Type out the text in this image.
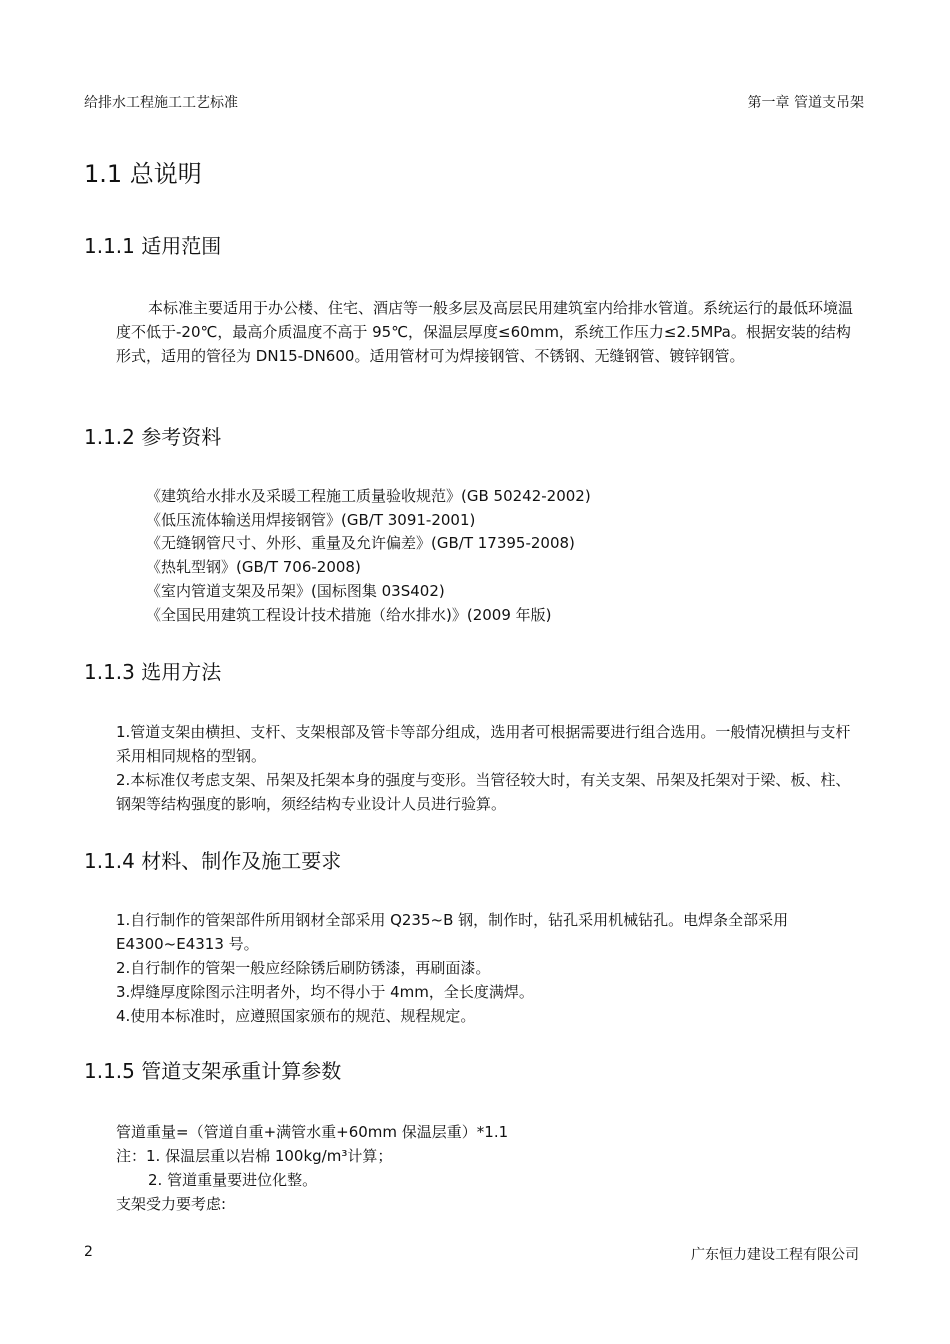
给排水工程施工工艺标准	第一章 管道支吊架
1.1 总说明
1.1.1 适用范围
本标准主要适用于办公楼、住宅、酒店等一般多层及高层民用建筑室内给排水管道。系统运行的最低环境温度不低于-20℃，最高介质温度不高于 95℃，保温层厚度≤60mm，系统工作压力≤2.5MPa。根据安装的结构形式，适用的管径为 DN15-DN600。适用管材可为焊接钢管、不锈钢、无缝钢管、镀锌钢管。
1.1.2 参考资料
《建筑给水排水及采暖工程施工质量验收规范》(GB 50242-2002)
《低压流体输送用焊接钢管》(GB/T 3091-2001)
《无缝钢管尺寸、外形、重量及允许偏差》(GB/T 17395-2008)
《热轧型钢》(GB/T 706-2008)
《室内管道支架及吊架》(国标图集 03S402)
《全国民用建筑工程设计技术措施（给水排水)》(2009 年版)
1.1.3 选用方法
1.管道支架由横担、支杆、支架根部及管卡等部分组成，选用者可根据需要进行组合选用。一般情况横担与支杆采用相同规格的型钢。
2.本标准仅考虑支架、吊架及托架本身的强度与变形。当管径较大时，有关支架、吊架及托架对于梁、板、柱、钢架等结构强度的影响，须经结构专业设计人员进行验算。
1.1.4 材料、制作及施工要求
1.自行制作的管架部件所用钢材全部采用 Q235~B 钢，制作时，钻孔采用机械钻孔。电焊条全部采用 E4300~E4313 号。
2.自行制作的管架一般应经除锈后刷防锈漆，再刷面漆。
3.焊缝厚度除图示注明者外，均不得小于 4mm，全长度满焊。
4.使用本标准时，应遵照国家颁布的规范、规程规定。
1.1.5 管道支架承重计算参数
管道重量=（管道自重+满管水重+60mm 保温层重）*1.1
注：1. 保温层重以岩棉 100kg/m³计算；
2. 管道重量要进位化整。
支架受力要考虑:
2	广东恒力建设工程有限公司
